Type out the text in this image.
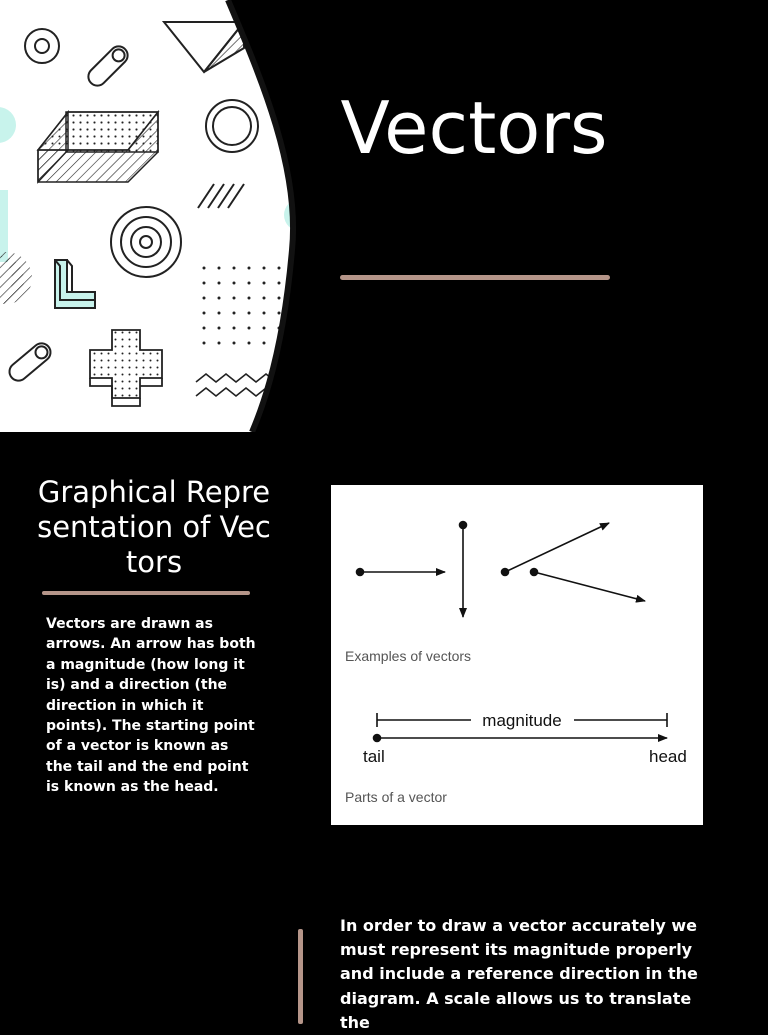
Vectors
Graphical Representation of Vectors

Vectors are drawn as arrows. An arrow has both a magnitude (how long it is) and a direction (the direction in which it points). The starting point of a vector is known as the tail and the end point is known as the head.

Examples of vectors
magnitude
tail	head
Parts of a vector

In order to draw a vector accurately we must represent its magnitude properly and include a reference direction in the diagram. A scale allows us to translate the
